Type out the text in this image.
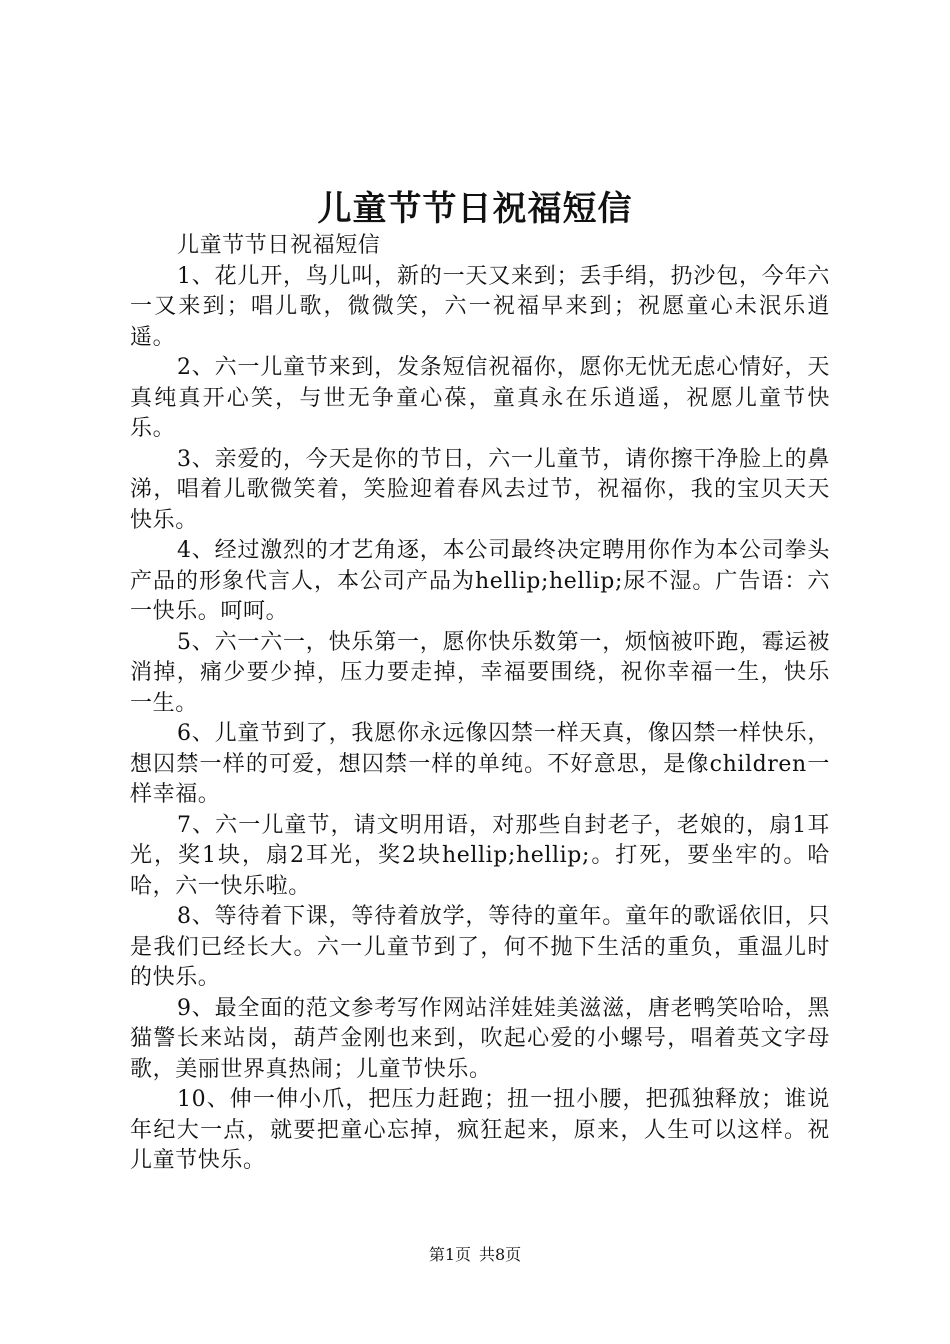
儿童节节日祝福短信

儿童节节日祝福短信

1、花儿开，鸟儿叫，新的一天又来到；丢手绢，扔沙包，今年六一又来到；唱儿歌，微微笑，六一祝福早来到；祝愿童心未泯乐逍遥。

2、六一儿童节来到，发条短信祝福你，愿你无忧无虑心情好，天真纯真开心笑，与世无争童心葆，童真永在乐逍遥，祝愿儿童节快乐。

3、亲爱的，今天是你的节日，六一儿童节，请你擦干净脸上的鼻涕，唱着儿歌微笑着，笑脸迎着春风去过节，祝福你，我的宝贝天天快乐。

4、经过激烈的才艺角逐，本公司最终决定聘用你作为本公司拳头产品的形象代言人，本公司产品为hellip;hellip;尿不湿。广告语：六一快乐。呵呵。

5、六一六一，快乐第一，愿你快乐数第一，烦恼被吓跑，霉运被消掉，痛少要少掉，压力要走掉，幸福要围绕，祝你幸福一生，快乐一生。

6、儿童节到了，我愿你永远像囚禁一样天真，像囚禁一样快乐，想囚禁一样的可爱，想囚禁一样的单纯。不好意思，是像children一样幸福。

7、六一儿童节，请文明用语，对那些自封老子，老娘的，扇1耳光，奖1块，扇2耳光，奖2块hellip;hellip;。打死，要坐牢的。哈哈，六一快乐啦。

8、等待着下课，等待着放学，等待的童年。童年的歌谣依旧，只是我们已经长大。六一儿童节到了，何不抛下生活的重负，重温儿时的快乐。

9、最全面的范文参考写作网站洋娃娃美滋滋，唐老鸭笑哈哈，黑猫警长来站岗，葫芦金刚也来到，吹起心爱的小螺号，唱着英文字母歌，美丽世界真热闹；儿童节快乐。

10、伸一伸小爪，把压力赶跑；扭一扭小腰，把孤独释放；谁说年纪大一点，就要把童心忘掉，疯狂起来，原来，人生可以这样。祝儿童节快乐。

第1页 共8页
